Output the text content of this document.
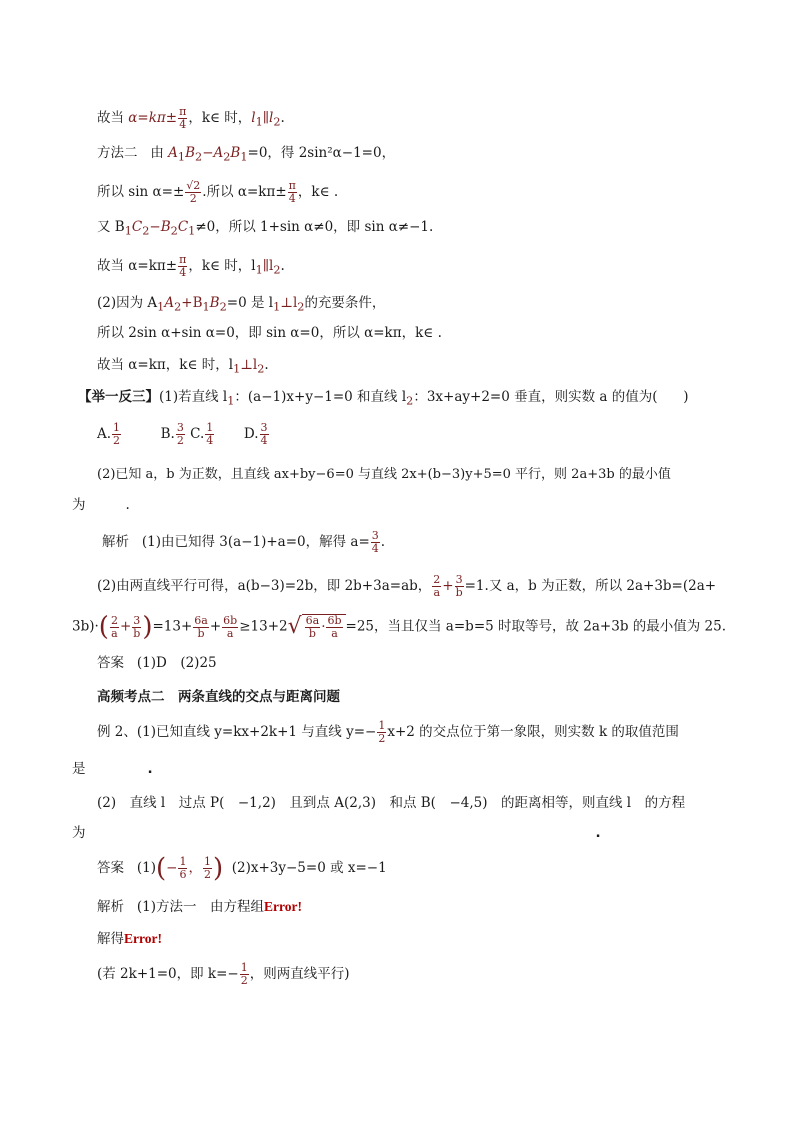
故当 $\alpha=k\pi\pm \frac{\pi}{4}$ ，k∈ 时，$l_1\parallel l_2$.
方法二 由 $A_1B_2-A_2B_1=0$，得 2sin²α−1=0，
所以 $\sin \alpha=\pm \frac{√2}{2}$ .所以 $\alpha=k\pi\pm \frac{\pi}{4}$ ，k∈ .
又 $B_1C_2-B_2C_1\ne 0$，所以 1+sin α≠0，即 sin α≠−1.
故当 $\alpha=k\pi\pm \frac{\pi}{4}$ ，k∈ 时，$l_1\parallel l_2$.
(2)因为 $A_1A_2+B_1B_2=0$ 是 $l_1\perp l_2$的充要条件，
所以 2sin α+sin α=0，即 sin α=0，所以 α=kπ，k∈ .
故当 α=kπ，k∈ 时，$l_1\perp l_2$.
【举一反三】(1)若直线 $l_1$：(a−1)x+y−1=0 和直线 $l_2$：3x+ay+2=0 垂直，则实数 a 的值为( )
A. $\frac{1}{2}$	B. $\frac{3}{2} C$. $\frac{1}{4} D$. $\frac{3}{4}$
(2)已知 a，b 为正数，且直线 ax+by−6=0 与直线 2x+(b−3)y+5=0 平行，则 2a+3b 的最小值
为	.
解析 (1)由已知得 3(a−1)+a=0，解得 $a= \frac{3}{4}$ .
(2)由两直线平行可得，a(b−3)=2b，即 2b+3a=ab， $\frac{2}{a} + \frac{3}{b} =1$.又 a，b 为正数，所以 2a+3b=(2a+
$3b)\cdot( \frac{2}{a} + \frac{3}{b} )=13+ \frac{6a}{b} + \frac{6b}{a} \ge 13+2√ \frac{6a}{b} \cdot \frac{6b}{a} =25$，当且仅当 a=b=5 时取等号，故 2a+3b 的最小值为 25.
答案 (1)D　(2)25
高频考点二　两条直线的交点与距离问题
例 2、(1)已知直线 y=kx+2k+1 与直线 $y=- \frac{1}{2} x+2$ 的交点位于第一象限，则实数 k 的取值范围
是	.
(2)　直线 l　过点 P(　−1,2)　且到点 A(2,3)　和点 B(　−4,5)　的距离相等，则直线 l　的方程
为	.
答案 $(1)(- \frac{1}{6}$ ， $\frac{1}{2}$ ) (2)x+3y−5=0 或 x=−1
解析 (1)方法一　由方程组Error!
解得Error!
(若 2k+1=0，即 $k=- \frac{1}{2}$ ，则两直线平行)
